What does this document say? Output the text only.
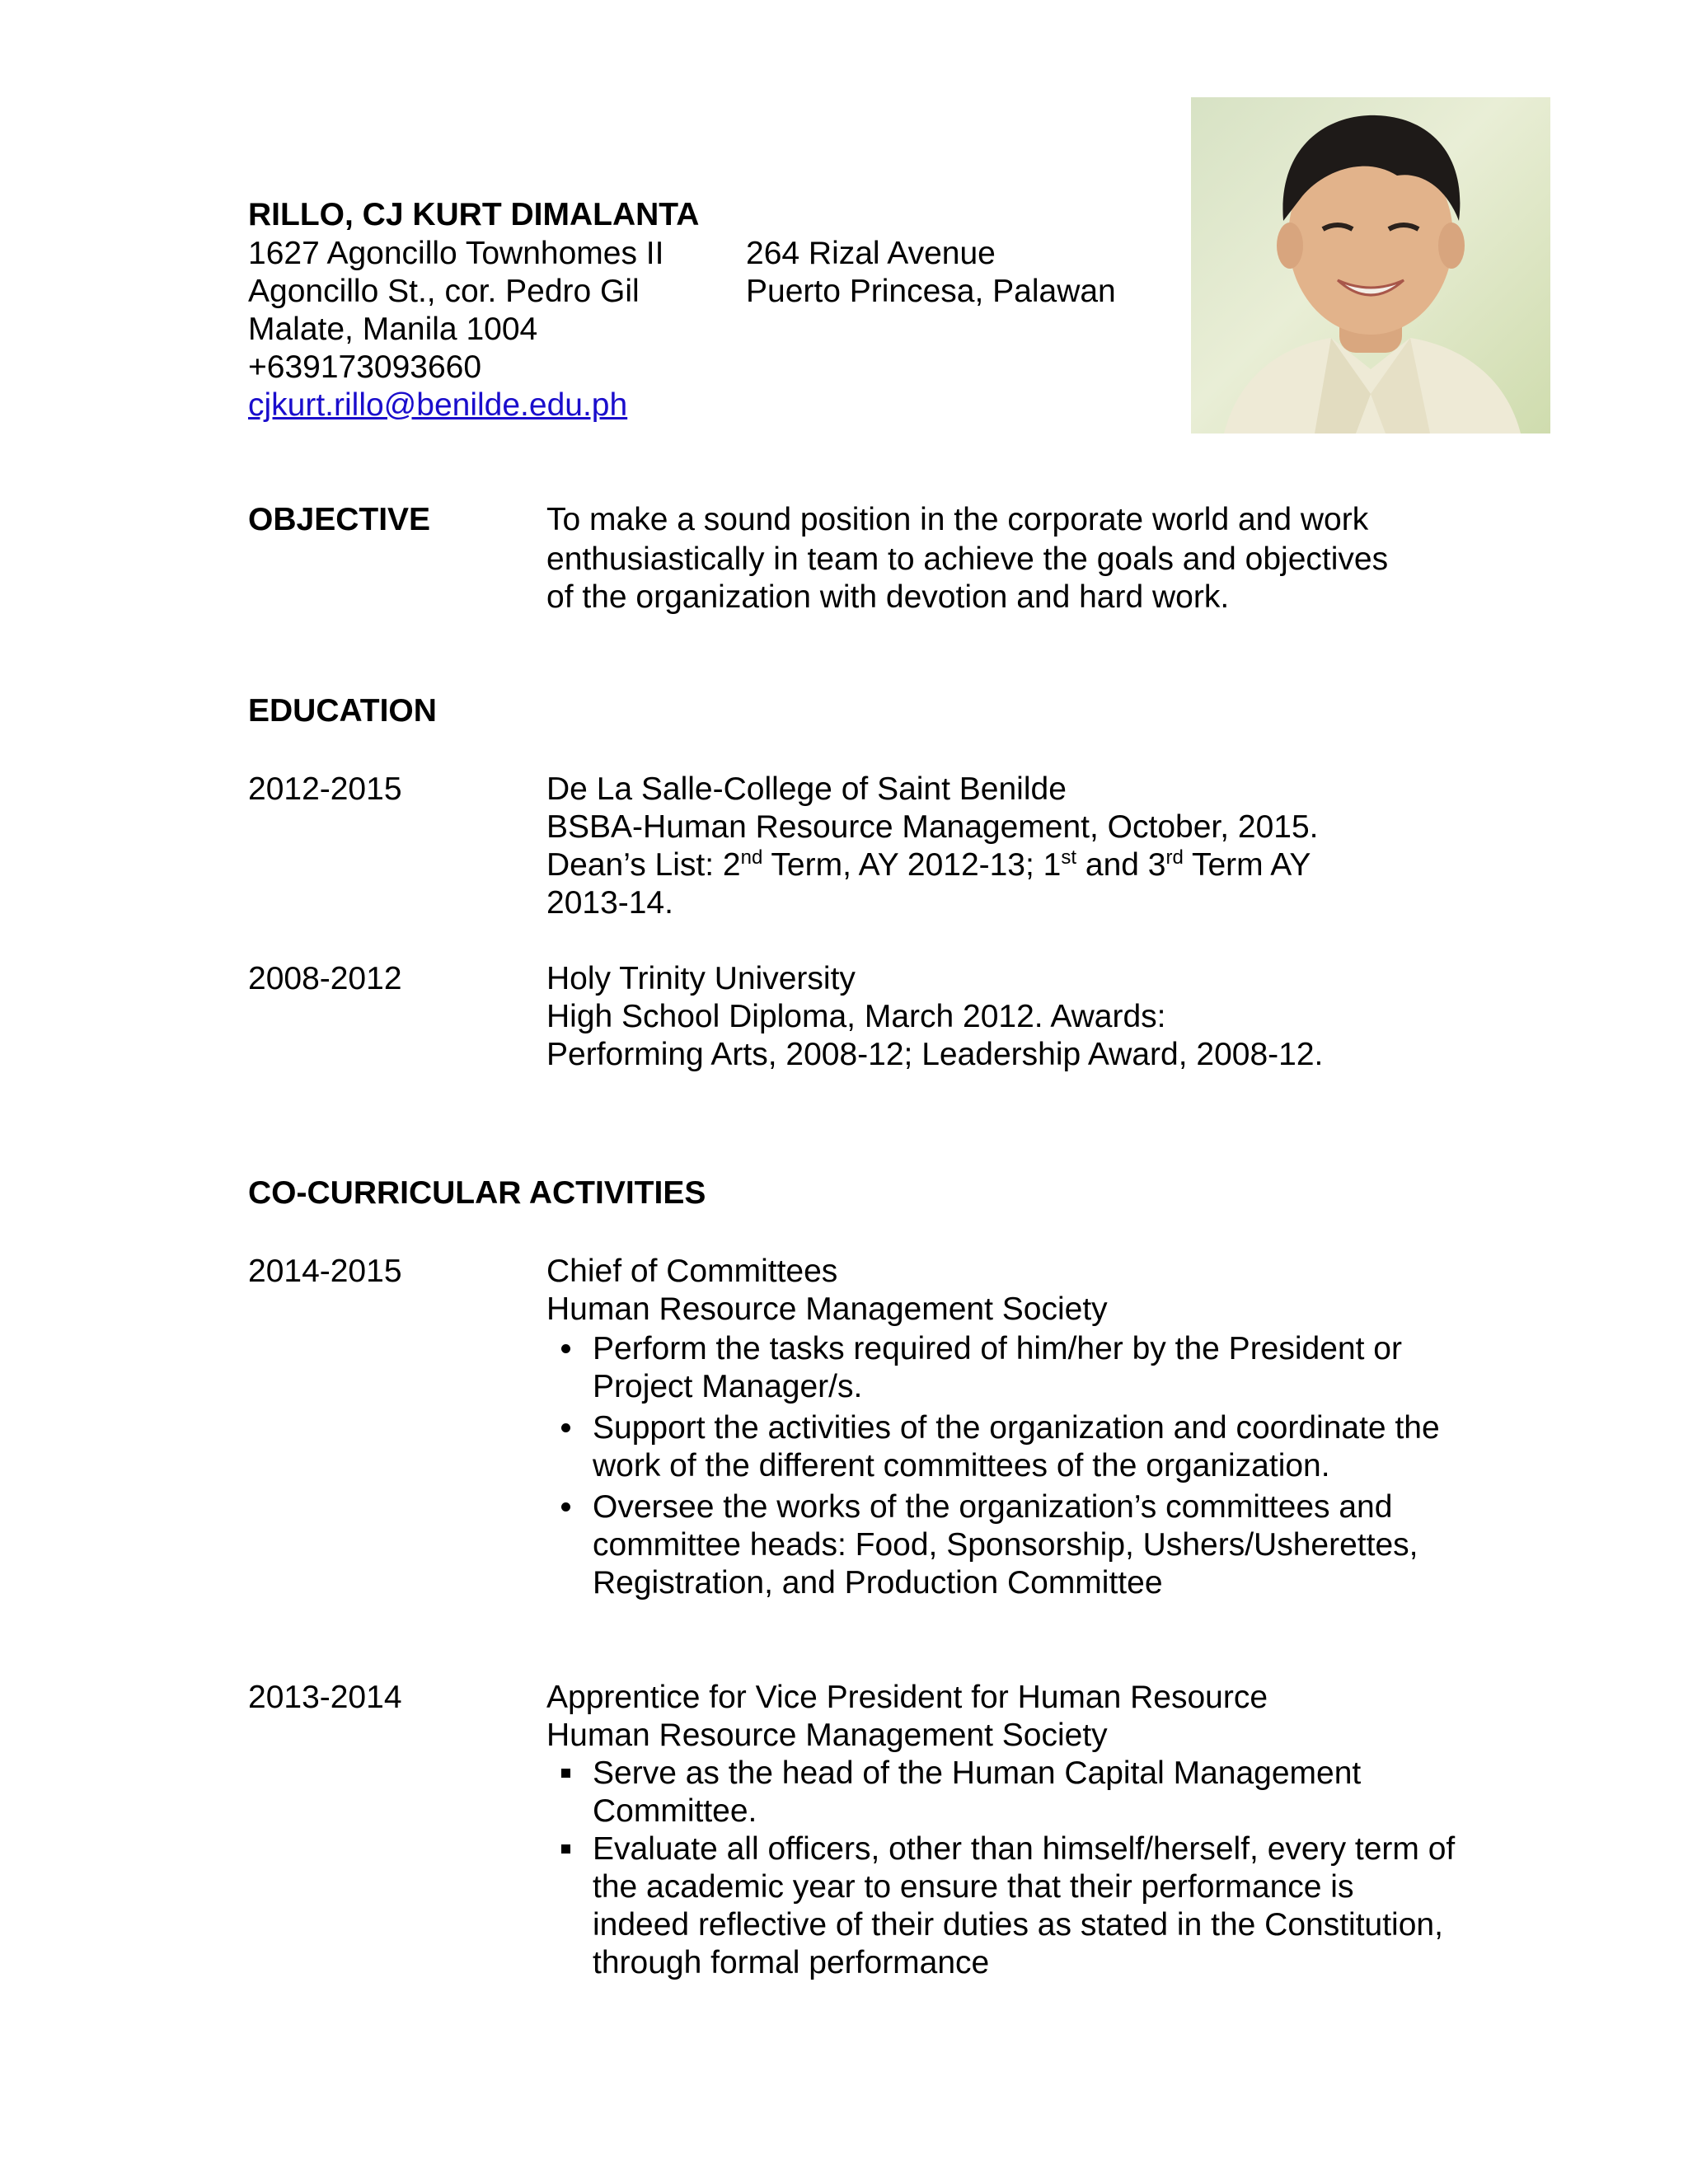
RILLO, CJ KURT DIMALANTA
1627 Agoncillo Townhomes II
Agoncillo St., cor. Pedro Gil
Malate, Manila 1004
+639173093660
cjkurt.rillo@benilde.edu.ph
264 Rizal Avenue
Puerto Princesa, Palawan
OBJECTIVE	To make a sound position in the corporate world and work
enthusiastically in team to achieve the goals and objectives
of the organization with devotion and hard work.
EDUCATION
2012-2015	De La Salle-College of Saint Benilde
BSBA-Human Resource Management, October, 2015.
Dean’s List: 2nd Term, AY 2012-13; 1st and 3rd Term AY
2013-14.
2008-2012	Holy Trinity University
High School Diploma, March 2012. Awards:
Performing Arts, 2008-12; Leadership Award, 2008-12.
CO-CURRICULAR ACTIVITIES
2014-2015	Chief of Committees
Human Resource Management Society
Perform the tasks required of him/her by the President or Project Manager/s.
Support the activities of the organization and coordinate the work of the different committees of the organization.
Oversee the works of the organization’s committees and committee heads: Food, Sponsorship, Ushers/Usherettes, Registration, and Production Committee
2013-2014	Apprentice for Vice President for Human Resource
Human Resource Management Society
Serve as the head of the Human Capital Management Committee.
Evaluate all officers, other than himself/herself, every term of the academic year to ensure that their performance is indeed reflective of their duties as stated in the Constitution, through formal performance
